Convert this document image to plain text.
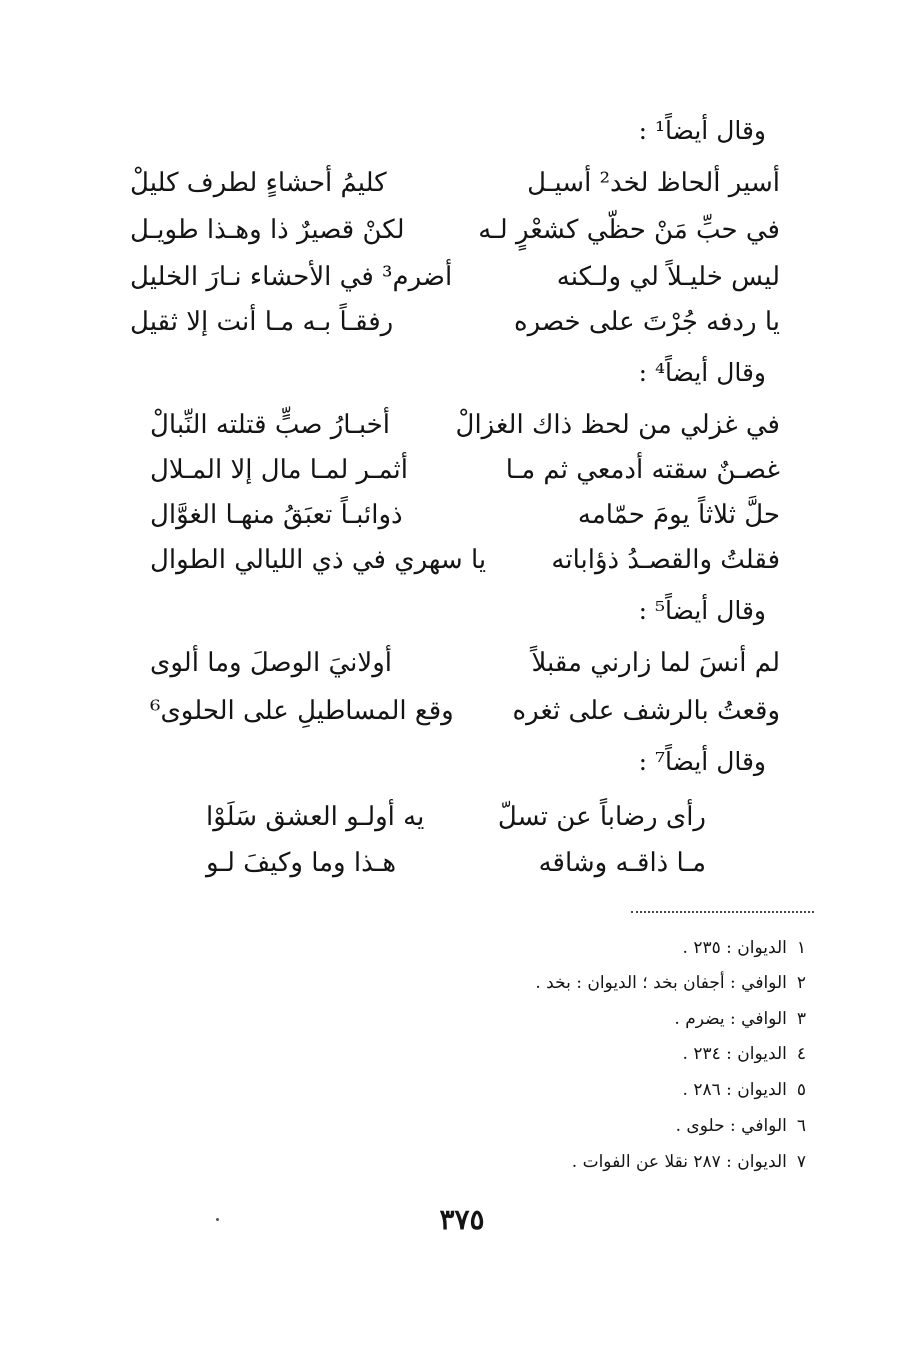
وقال أيضاً¹ :
أسير ألحاظ لخد² أسيـل
كليمُ أحشاءٍ لطرف كليلْ
في حبِّ مَنْ حظّي كشعْرٍ لـه
لكنْ قصيرٌ ذا وهـذا طويـل
ليس خليـلاً لي ولـكنه
أضرم³ في الأحشاء نـارَ الخليل
يا ردفه جُرْتَ على خصره
رفقـاً بـه مـا أنت إلا ثقيل
وقال أيضاً⁴ :
في غزلي من لحظ ذاك الغزالْ
أخبـارُ صبٍّ قتلته النِّبالْ
غصـنٌ سقته أدمعي ثم مـا
أثمـر لمـا مال إلا المـلال
حلَّ ثلاثاً يومَ حمّامه
ذوائبـاً تعبَقُ منهـا الغوَّال
فقلتُ والقصـدُ ذؤاباته
يا سهري في ذي الليالي الطوال
وقال أيضاً⁵ :
لم أنسَ لما زارني مقبلاً
أولانيَ الوصلَ وما ألوى
وقعتُ بالرشف على ثغره
وقع المساطيلِ على الحلوى⁶
وقال أيضاً⁷ :
رأى رضاباً عن تسلّ
يه أولـو العشق سَلَوْا
مـا ذاقـه وشاقه
هـذا وما وكيفَ لـو
١الديوان : ٢٣٥ .
٢الوافي : أجفان بخد ؛ الديوان : بخد .
٣الوافي : يضرم .
٤الديوان : ٢٣٤ .
٥الديوان : ٢٨٦ .
٦الوافي : حلوى .
٧الديوان : ٢٨٧ نقلا عن الفوات .
٣٧٥
